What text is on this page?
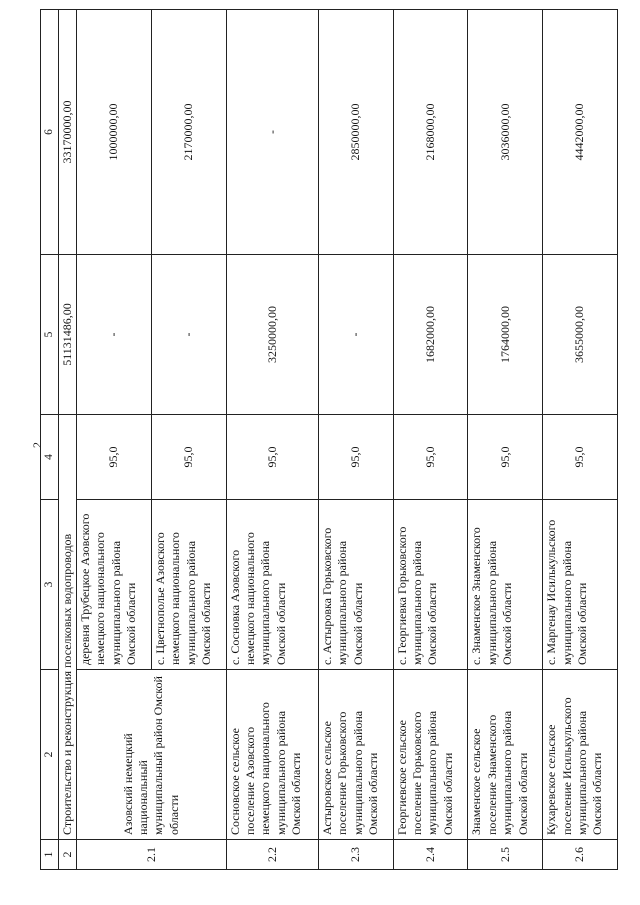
2
1	2	3	4	5	6
2	Строительство и реконструкция поселковых водопроводов			51131486,00	33170000,00
2.1	Азовский немецкий национальный муниципальный район Омской области	деревня Трубецкое Азовского немецкого национального муниципального района Омской области	95,0	-	1000000,00
		с. Цветнополье Азовского немецкого национального муниципального района Омской области	95,0	-	2170000,00
2.2	Сосновское сельское поселение Азовского немецкого национального муниципального района Омской области	с. Сосновка Азовского немецкого национального муниципального района Омской области	95,0	3250000,00	-
2.3	Астыровское сельское поселение Горьковского муниципального района Омской области	с. Астыровка Горьковского муниципального района Омской области	95,0	-	2850000,00
2.4	Георгиевское сельское поселение Горьковского муниципального района Омской области	с. Георгиевка Горьковского муниципального района Омской области	95,0	1682000,00	2168000,00
2.5	Знаменское сельское поселение Знаменского муниципального района Омской области	с. Знаменское Знаменского муниципального района Омской области	95,0	1764000,00	3036000,00
2.6	Кухаревское сельское поселение Исилькульского муниципального района Омской области	с. Маргенау Исилькульского муниципального района Омской области	95,0	3655000,00	4442000,00
